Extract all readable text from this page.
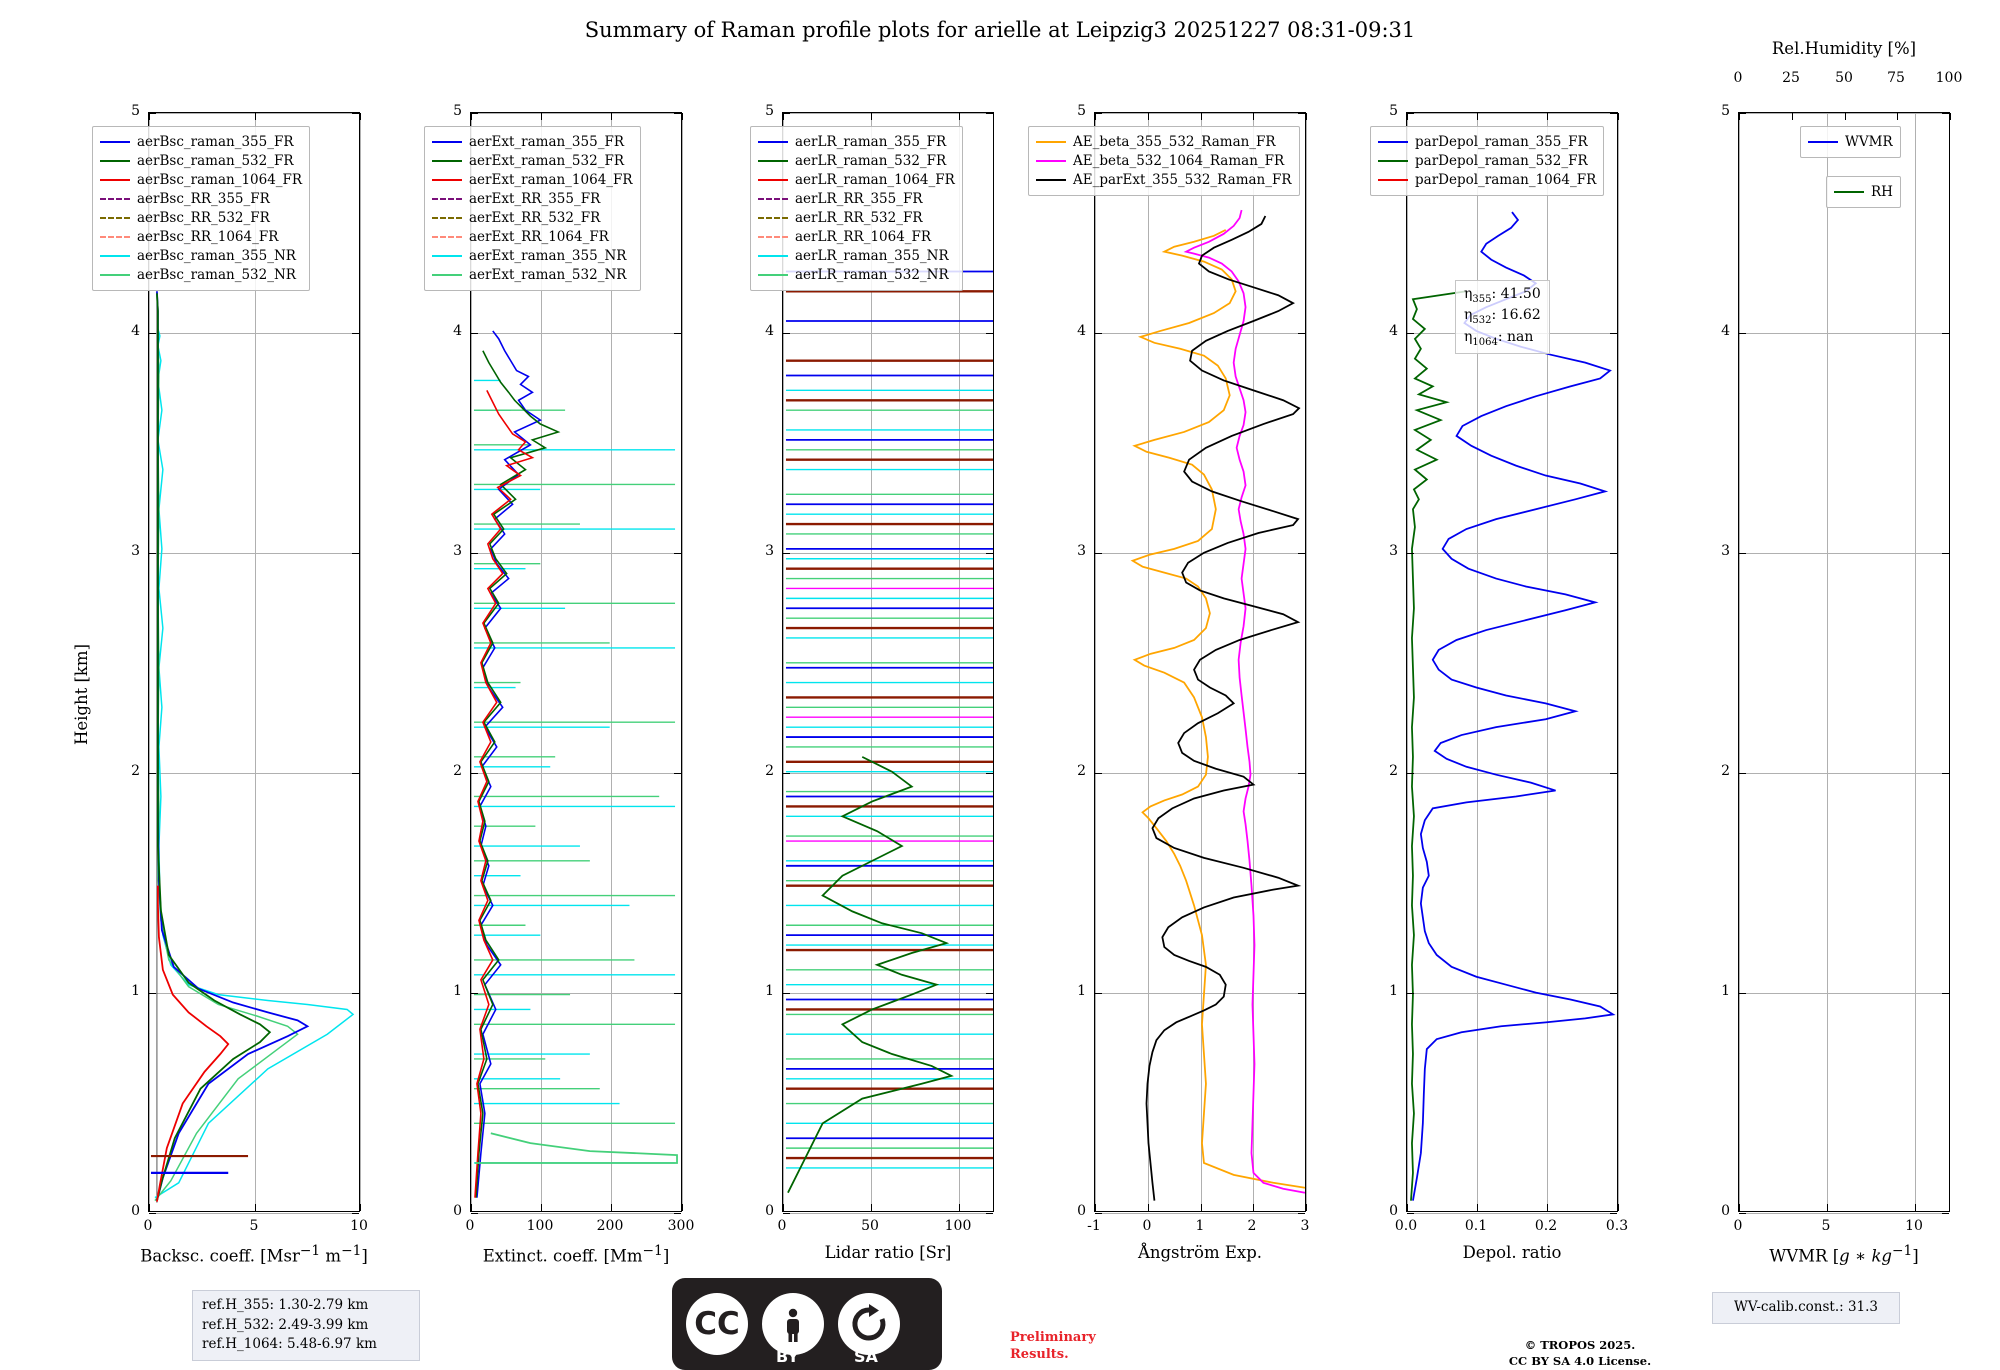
Summary of Raman profile plots for arielle at Leipzig3 20251227 08:31-09:31
0
1
2
3
4
5
Height [km]
0	5	10
Backsc. coeff. [Msr$^{-1}$ $m^{-1}$]
aerBsc_raman_355_FR
aerBsc_raman_532_FR
aerBsc_raman_1064_FR
aerBsc_RR_355_FR
aerBsc_RR_532_FR
aerBsc_RR_1064_FR
aerBsc_raman_355_NR
aerBsc_raman_532_NR
0
1
2
3
4
5
0	100	200	300
Extinct. coeff. $[Mm^{-1}]$
aerExt_raman_355_FR
aerExt_raman_532_FR
aerExt_raman_1064_FR
aerExt_RR_355_FR
aerExt_RR_532_FR
aerExt_RR_1064_FR
aerExt_raman_355_NR
aerExt_raman_532_NR
0
1
2
3
4
5
0	50	100
Lidar ratio [Sr]
aerLR_raman_355_FR
aerLR_raman_532_FR
aerLR_raman_1064_FR
aerLR_RR_355_FR
aerLR_RR_532_FR
aerLR_RR_1064_FR
aerLR_raman_355_NR
aerLR_raman_532_NR
0
1
2
3
4
5
-1	0	1	2	3
Ångström Exp.
AE_beta_355_532_Raman_FR
AE_beta_532_1064_Raman_FR
AE_parExt_355_532_Raman_FR
0
1
2
3
4
5
0.0	0.1	0.2	0.3
Depol. ratio
parDepol_raman_355_FR
parDepol_raman_532_FR
parDepol_raman_1064_FR
$\eta_{355}$: 41.50
$\eta_{532}$: 16.62
$\eta_{1064}$: nan
0
1
2
3
4
5
0	5	10
WVMR [g ∗ $kg^{-1}$]
Rel.Humidity [%]
0	25	50	75	100
WVMR
RH
ref.H_355: 1.30-2.79 km
ref.H_532: 2.49-3.99 km
ref.H_1064: 5.48-6.97 km
CC
BY	SA
Preliminary
Results.
© TROPOS 2025.
CC BY SA 4.0 License.
WV-calib.const.: 31.3
